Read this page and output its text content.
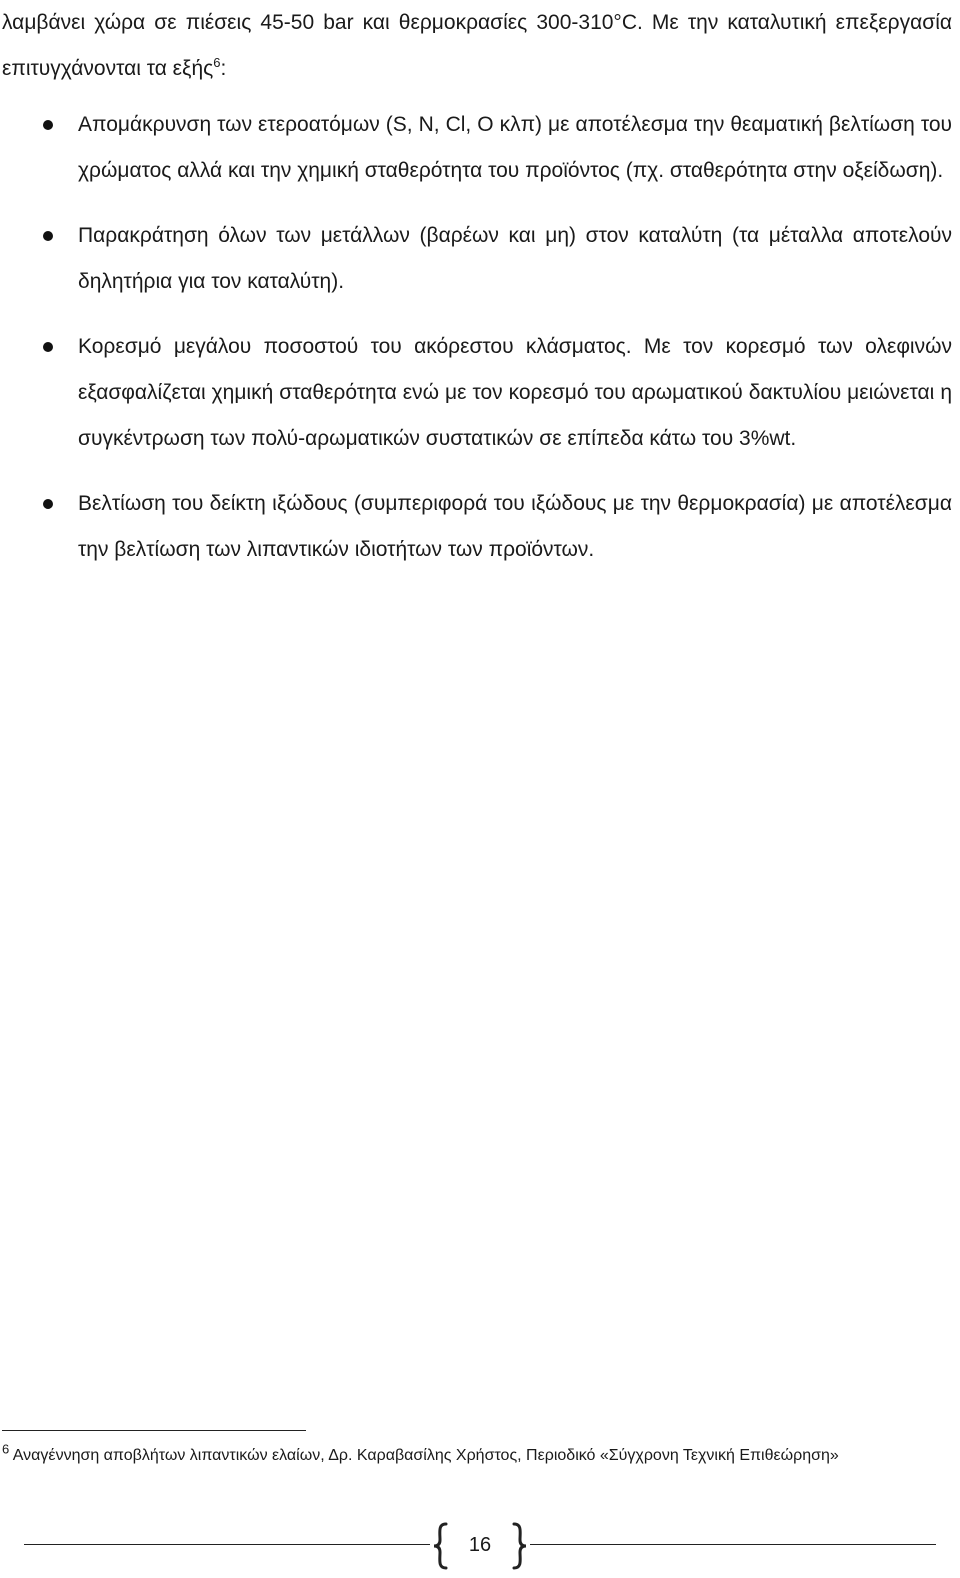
λαμβάνει χώρα σε πιέσεις 45-50 bar και θερμοκρασίες 300-310°C. Με την καταλυτική επεξεργασία επιτυγχάνονται τα εξής$^6$:

Απομάκρυνση των ετεροατόμων (S, N, Cl, O κλπ) με αποτέλεσμα την θεαματική βελτίωση του χρώματος αλλά και την χημική σταθερότητα του προϊόντος (πχ. σταθερότητα στην οξείδωση).
Παρακράτηση όλων των μετάλλων (βαρέων και μη) στον καταλύτη (τα μέταλλα αποτελούν δηλητήρια για τον καταλύτη).
Κορεσμό μεγάλου ποσοστού του ακόρεστου κλάσματος. Με τον κορεσμό των ολεφινών εξασφαλίζεται χημική σταθερότητα ενώ με τον κορεσμό του αρωματικού δακτυλίου μειώνεται η συγκέντρωση των πολύ-αρωματικών συστατικών σε επίπεδα κάτω του 3%wt.
Βελτίωση του δείκτη ιξώδους (συμπεριφορά του ιξώδους με την θερμοκρασία) με αποτέλεσμα την βελτίωση των λιπαντικών ιδιοτήτων των προϊόντων.

$^6$ Αναγέννηση αποβλήτων λιπαντικών ελαίων, Δρ. Καραβασίλης Χρήστος, Περιοδικό «Σύγχρονη Τεχνική Επιθεώρηση»

16
